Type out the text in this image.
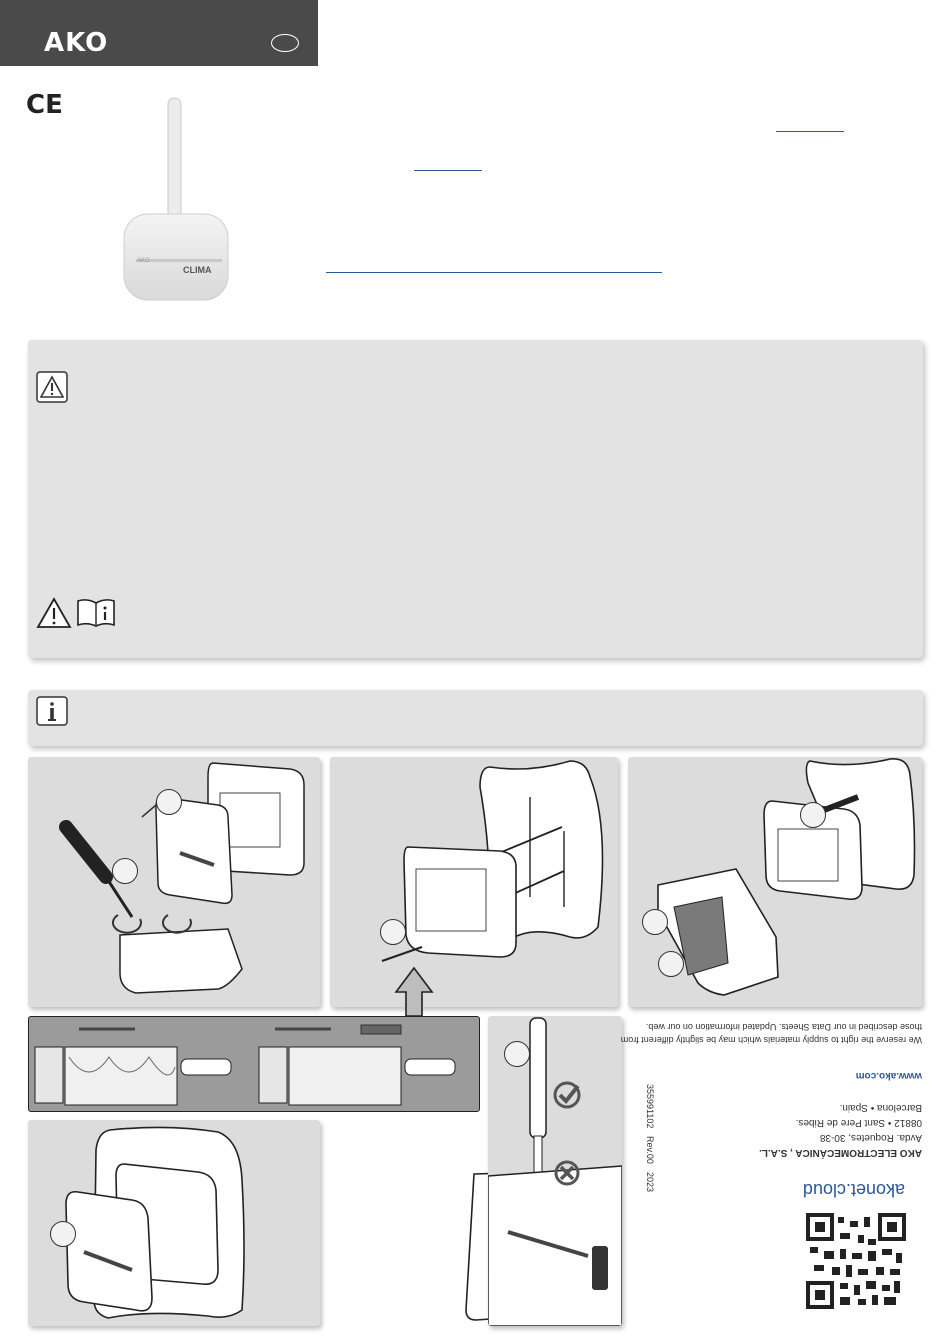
AKO
CE
CLIMA
AKO
akonet.cloud
AKO ELECTROMECÁNICA , S.A.L.
Avda. Roquetes, 30-38
08812 • Sant Pere de Ribes.
Barcelona • Spain.
www.ako.com
We reserve the right to supply materials which may be slightly different from
those described in our Data Sheets. Updated information on our web.
355991102
Rev.00
2023
